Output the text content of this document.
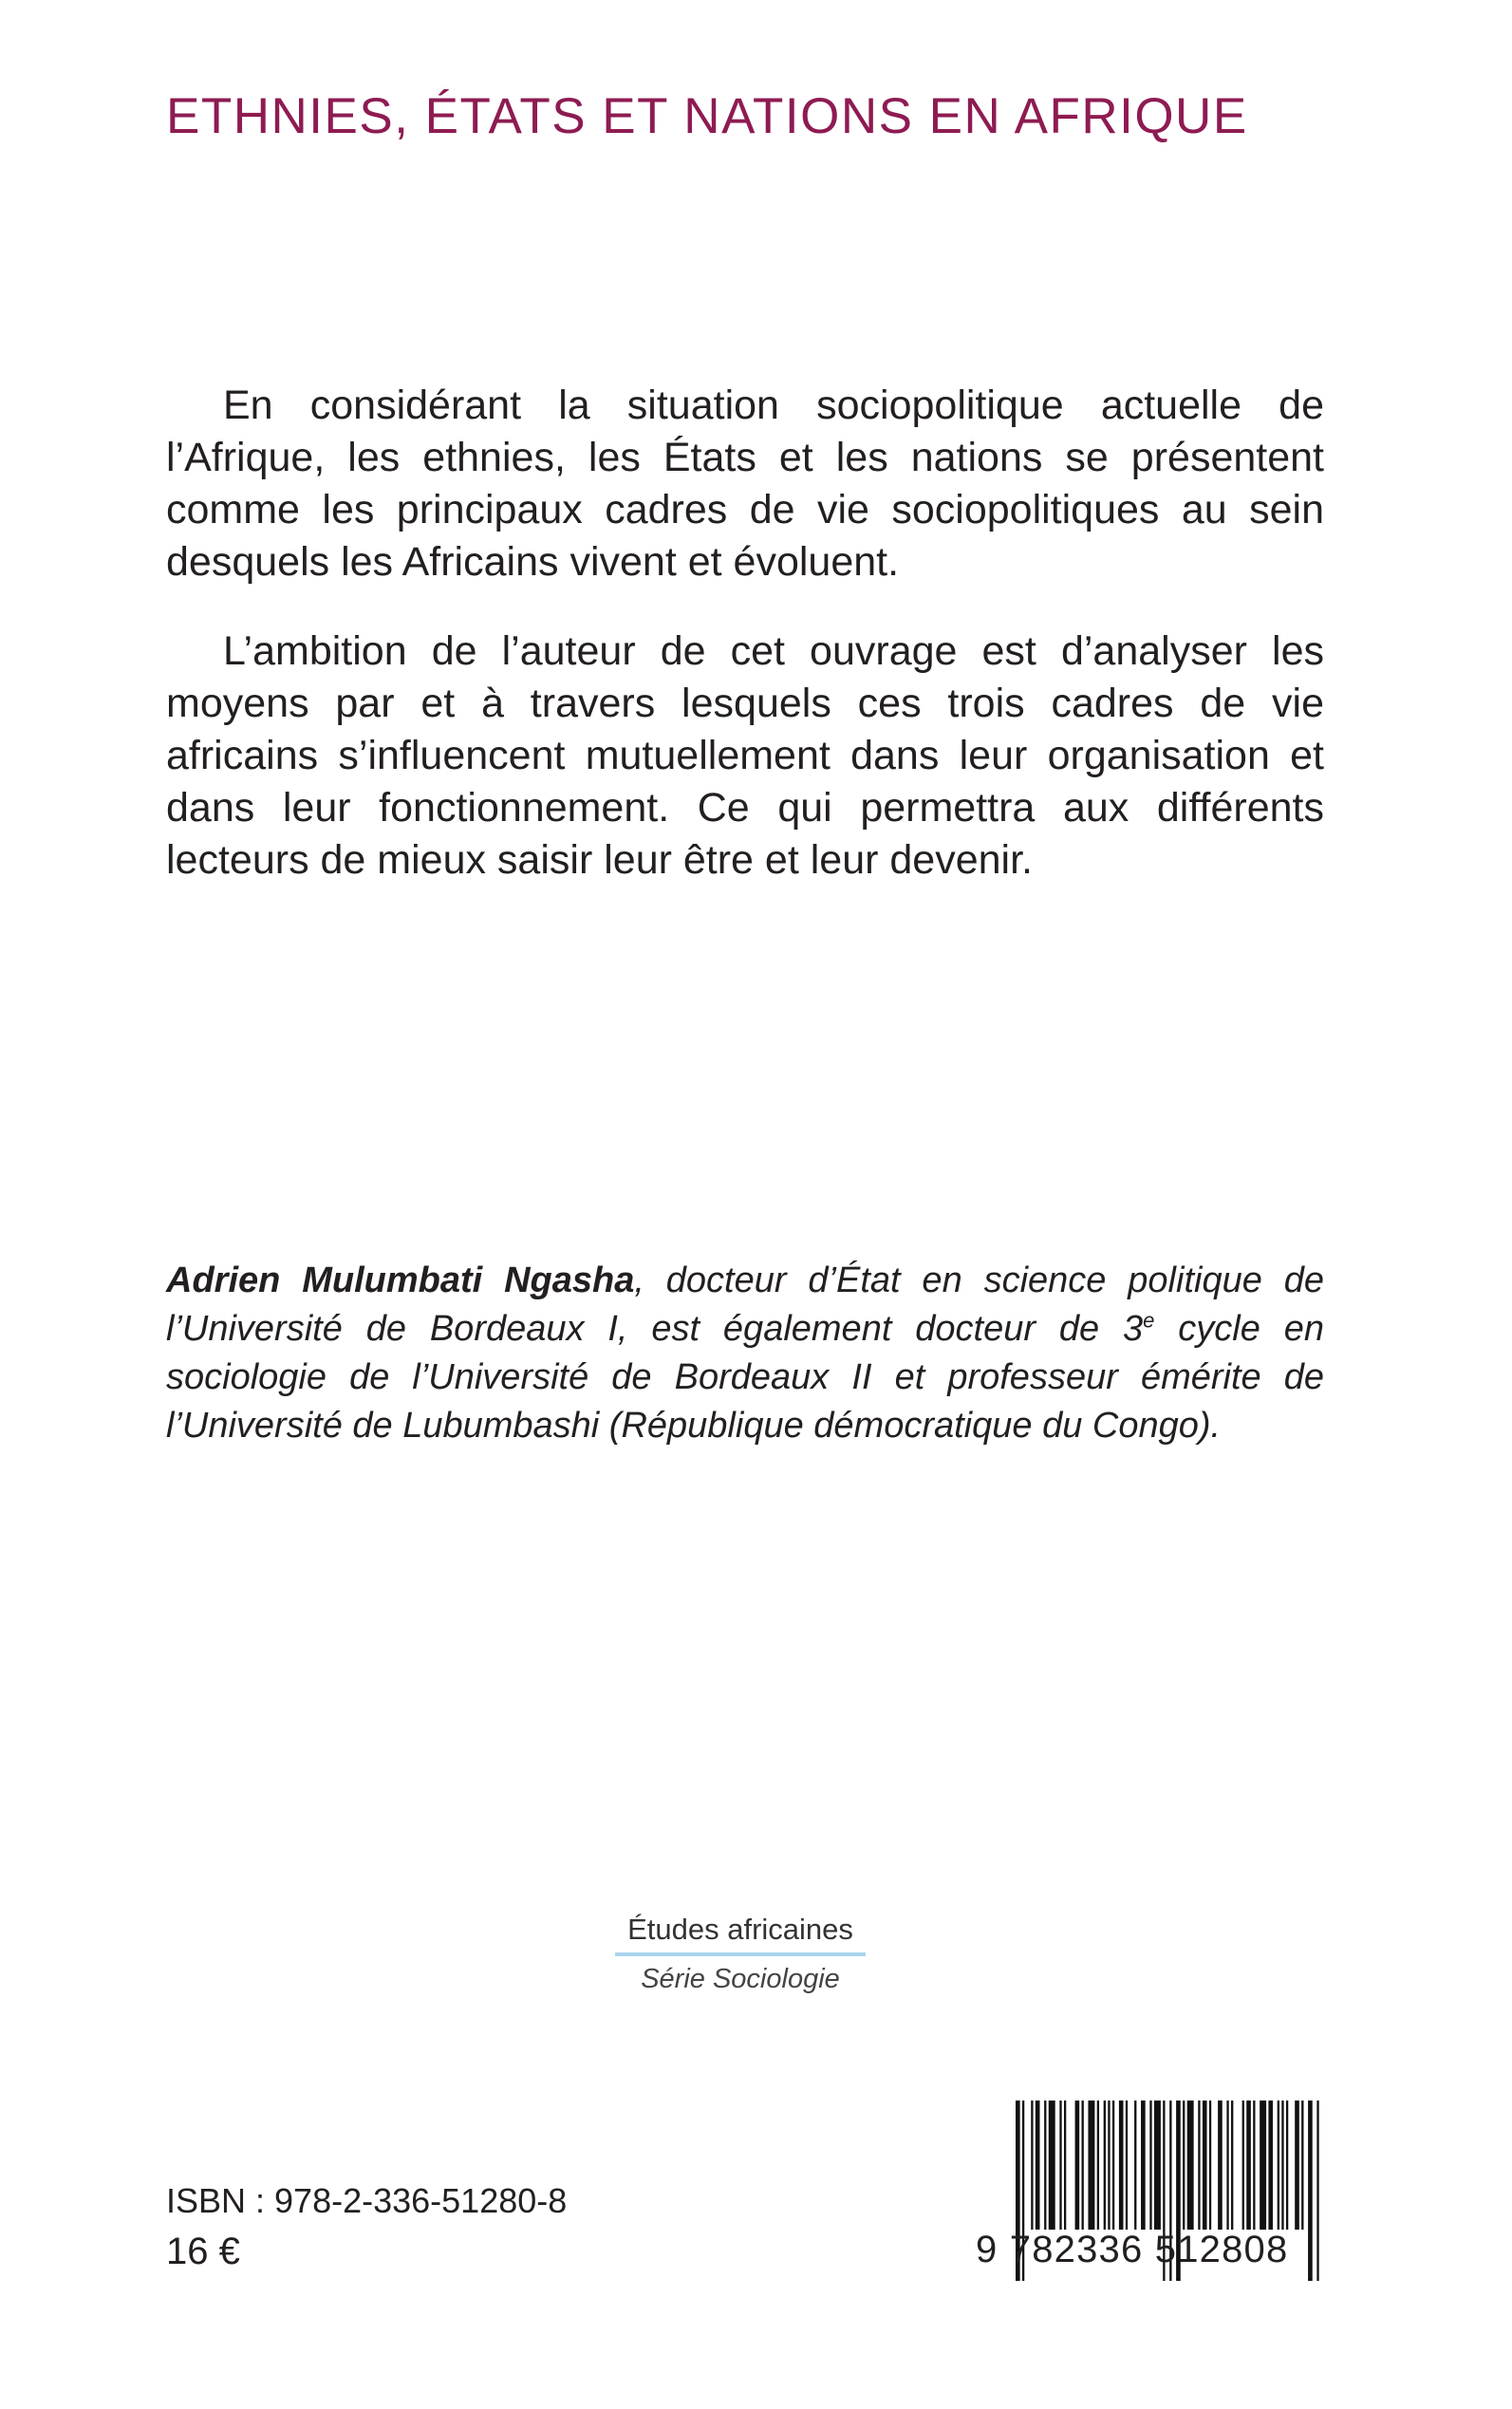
ETHNIES, ÉTATS ET NATIONS EN AFRIQUE

En considérant la situation sociopolitique actuelle de l’Afrique, les ethnies, les États et les nations se présentent comme les principaux cadres de vie sociopolitiques au sein desquels les Africains vivent et évoluent.

L’ambition de l’auteur de cet ouvrage est d’analyser les moyens par et à travers lesquels ces trois cadres de vie africains s’influencent mutuellement dans leur organisation et dans leur fonctionnement. Ce qui permettra aux différents lecteurs de mieux saisir leur être et leur devenir.

Adrien Mulumbati Ngasha, docteur d’État en science politique de l’Université de Bordeaux I, est également docteur de 3e cycle en sociologie de l’Université de Bordeaux II et professeur émérite de l’Université de Lubumbashi (République démocratique du Congo).

Études africaines
Série Sociologie
ISBN : 978-2-336-51280-8
16 €	9 782336 512808
